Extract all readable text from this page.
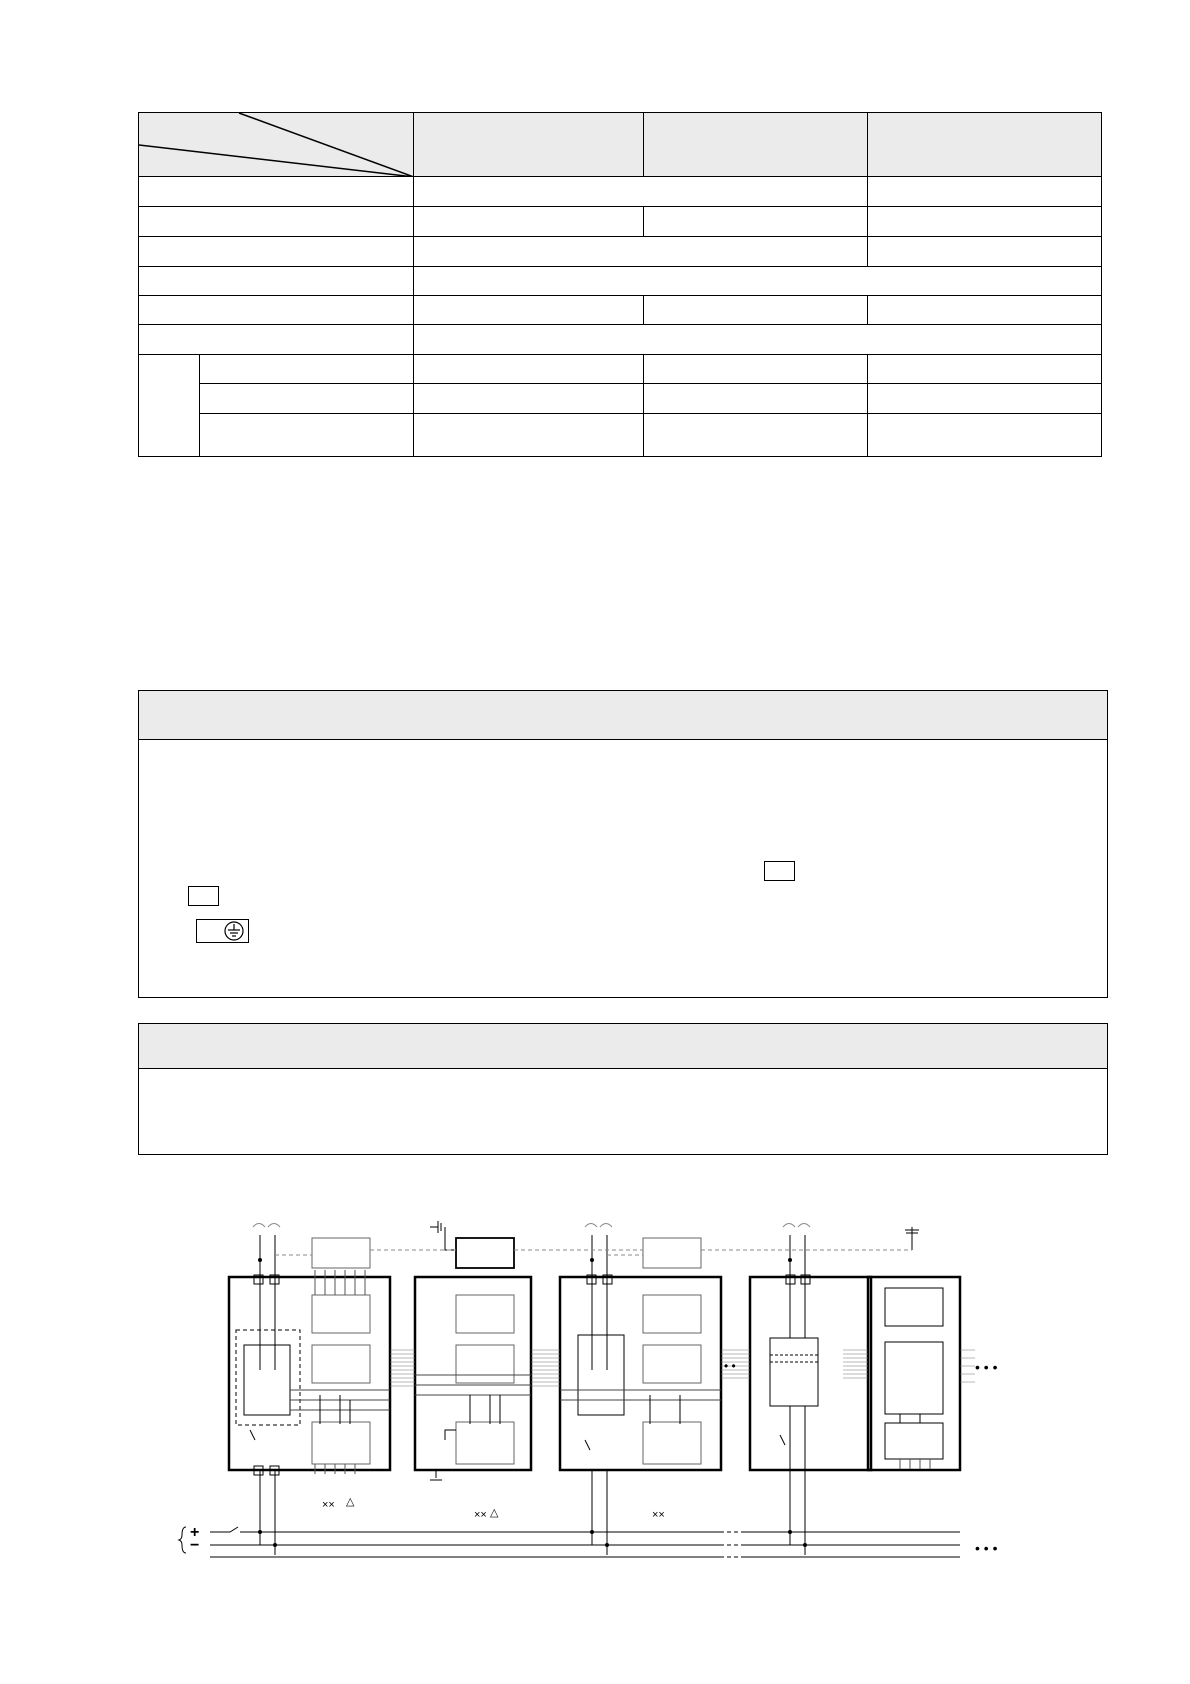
+
−
×× △
×× △	××
• • •
• • •
• •
